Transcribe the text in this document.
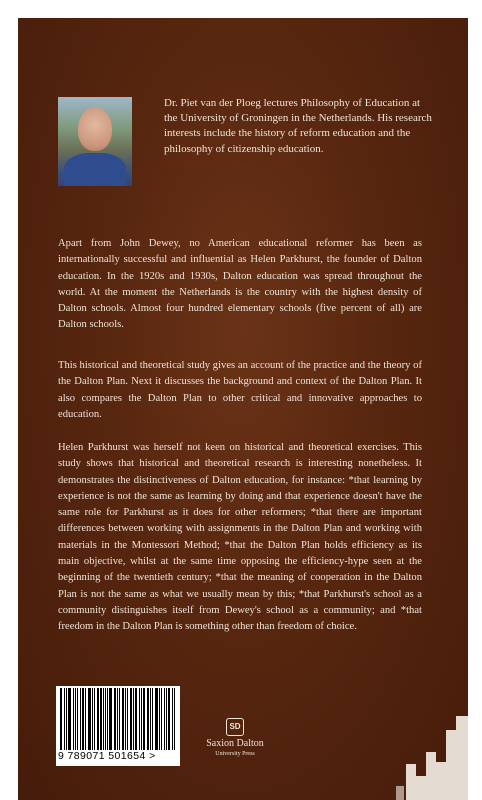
Dr. Piet van der Ploeg lectures Philosophy of Education at the University of Groningen in the Netherlands. His research interests include the history of reform education and the philosophy of citizenship education.

Apart from John Dewey, no American educational reformer has been as internationally successful and influential as Helen Parkhurst, the founder of Dalton education. In the 1920s and 1930s, Dalton education was spread throughout the world. At the moment the Netherlands is the country with the highest density of Dalton schools. Almost four hundred elementary schools (five percent of all) are Dalton schools.

This historical and theoretical study gives an account of the practice and the theory of the Dalton Plan. Next it discusses the background and context of the Dalton Plan. It also compares the Dalton Plan to other critical and innovative approaches to education.

Helen Parkhurst was herself not keen on historical and theoretical exercises. This study shows that historical and theoretical research is interesting nonetheless. It demonstrates the distinctiveness of Dalton education, for instance: *that learning by experience is not the same as learning by doing and that experience doesn't have the same role for Parkhurst as it does for other reformers; *that there are important differences between working with assignments in the Dalton Plan and working with materials in the Montessori Method; *that the Dalton Plan holds efficiency as its main objective, whilst at the same time opposing the efficiency-hype seen at the beginning of the twentieth century; *that the meaning of cooperation in the Dalton Plan is not the same as what we usually mean by this; *that Parkhurst's school as a community distinguishes itself from Dewey's school as a community; and *that freedom in the Dalton Plan is something other than freedom of choice.

9 789071 501654 >
SD
Saxion Dalton
University Press
